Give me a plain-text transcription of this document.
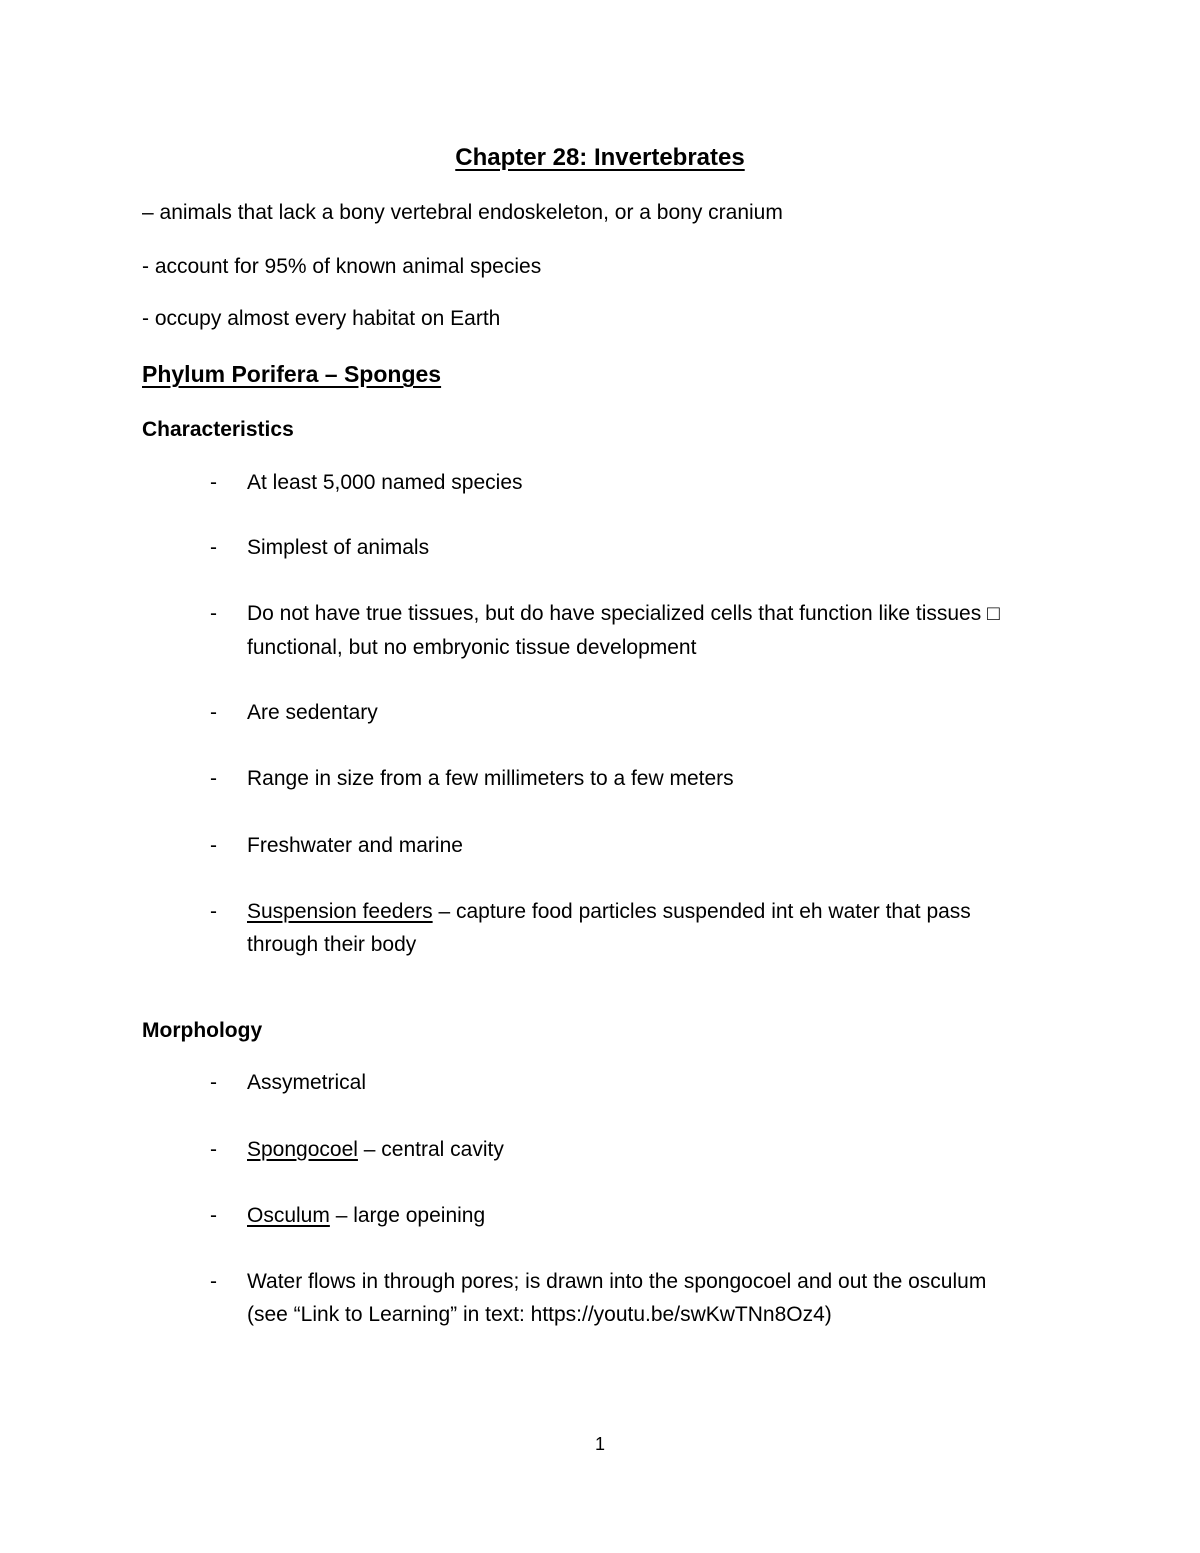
Chapter 28: Invertebrates
– animals that lack a bony vertebral endoskeleton, or a bony cranium
- account for 95% of known animal species
- occupy almost every habitat on Earth
Phylum Porifera – Sponges
Characteristics
- At least 5,000 named species
- Simplest of animals
- Do not have true tissues, but do have specialized cells that function like tissues □
functional, but no embryonic tissue development
- Are sedentary
- Range in size from a few millimeters to a few meters
- Freshwater and marine
- Suspension feeders – capture food particles suspended int eh water that pass
through their body
Morphology
- Assymetrical
- Spongocoel – central cavity
- Osculum – large opeining
- Water flows in through pores; is drawn into the spongocoel and out the osculum
(see “Link to Learning” in text: https://youtu.be/swKwTNn8Oz4)
1
